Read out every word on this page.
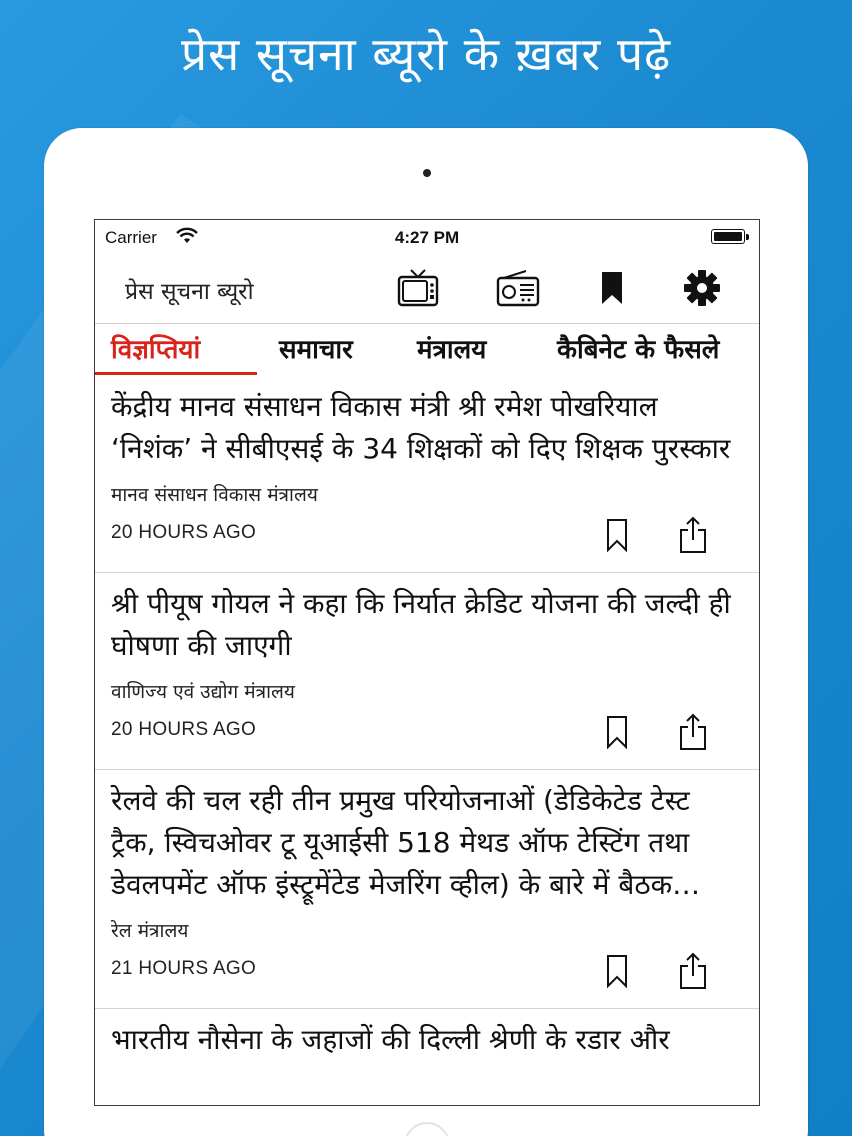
प्रेस सूचना ब्यूरो के ख़बर पढ़े
Carrier	4:27 PM
प्रेस सूचना ब्यूरो
विज्ञप्तियां	समाचार मंत्रालय	कैबिनेट के फैसले
केंद्रीय मानव संसाधन विकास मंत्री श्री रमेश पोखरियाल ‘निशंक’ ने सीबीएसई के 34 शिक्षकों को दिए शिक्षक पुरस्कार
मानव संसाधन विकास मंत्रालय
20 HOURS AGO
श्री पीयूष गोयल ने कहा कि निर्यात क्रेडिट योजना की जल्दी ही घोषणा की जाएगी
वाणिज्य एवं उद्योग मंत्रालय
20 HOURS AGO
रेलवे की चल रही तीन प्रमुख परियोजनाओं (डेडिकेटेड टेस्ट ट्रैक, स्विचओवर टू यूआईसी 518 मेथड ऑफ टेस्टिंग तथा डेवलपमेंट ऑफ इंस्ट्रूमेंटेड मेजरिंग व्हील) के बारे में बैठक…
रेल मंत्रालय
21 HOURS AGO
भारतीय नौसेना के जहाजों की दिल्ली श्रेणी के रडार और
